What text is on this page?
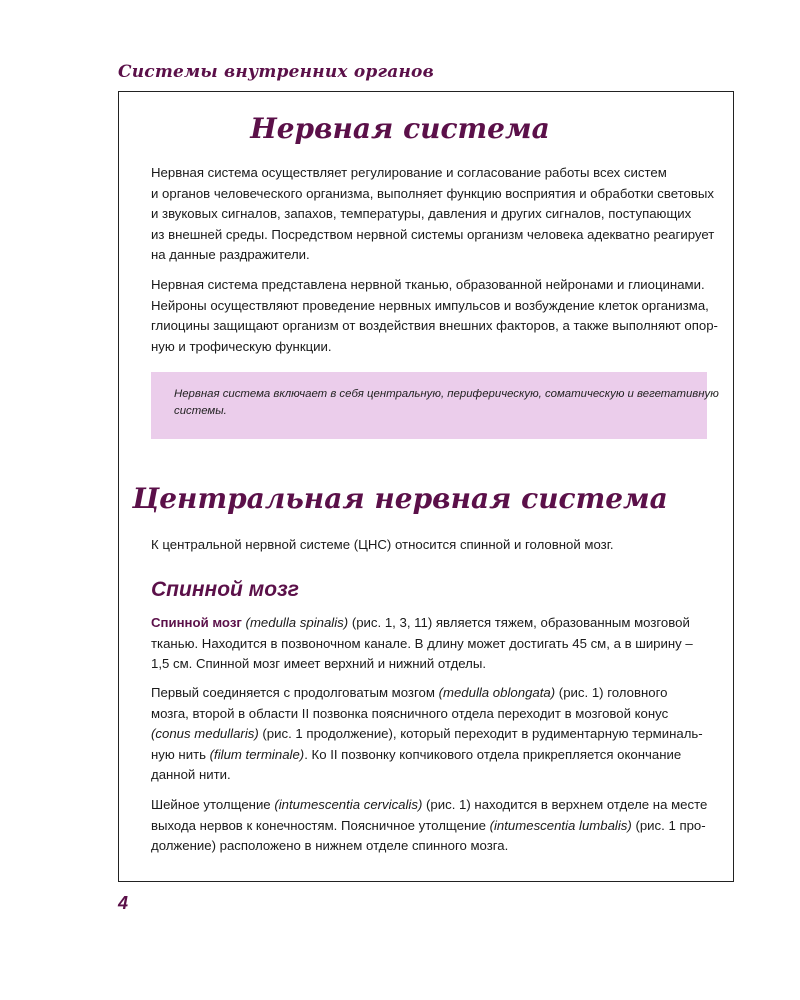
Системы внутренних органов
Нервная система

Нервная система осуществляет регулирование и согласование работы всех систем
и органов человеческого организма, выполняет функцию восприятия и обработки световых
и звуковых сигналов, запахов, температуры, давления и других сигналов, поступающих
из внешней среды. Посредством нервной системы организм человека адекватно реагирует
на данные раздражители.

Нервная система представлена нервной тканью, образованной нейронами и глиоцинами.
Нейроны осуществляют проведение нервных импульсов и возбуждение клеток организма,
глиоцины защищают организм от воздействия внешних факторов, а также выполняют опор-
ную и трофическую функции.

Нервная система включает в себя центральную, периферическую, соматическую и вегетативную
системы.
Центральная нервная система

К центральной нервной системе (ЦНС) относится спинной и головной мозг.

Спинной мозг

Спинной мозг (medulla spinalis) (рис. 1, 3, 11) является тяжем, образованным мозговой
тканью. Находится в позвоночном канале. В длину может достигать 45 см, а в ширину –
1,5 см. Спинной мозг имеет верхний и нижний отделы.

Первый соединяется с продолговатым мозгом (medulla oblongata) (рис. 1) головного
мозга, второй в области II позвонка поясничного отдела переходит в мозговой конус
(conus medullaris) (рис. 1 продолжение), который переходит в рудиментарную терминаль-
ную нить (filum terminale). Ко II позвонку копчикового отдела прикрепляется окончание
данной нити.

Шейное утолщение (intumescentia cervicalis) (рис. 1) находится в верхнем отделе на месте
выхода нервов к конечностям. Поясничное утолщение (intumescentia lumbalis) (рис. 1 про-
должение) расположено в нижнем отделе спинного мозга.

4
